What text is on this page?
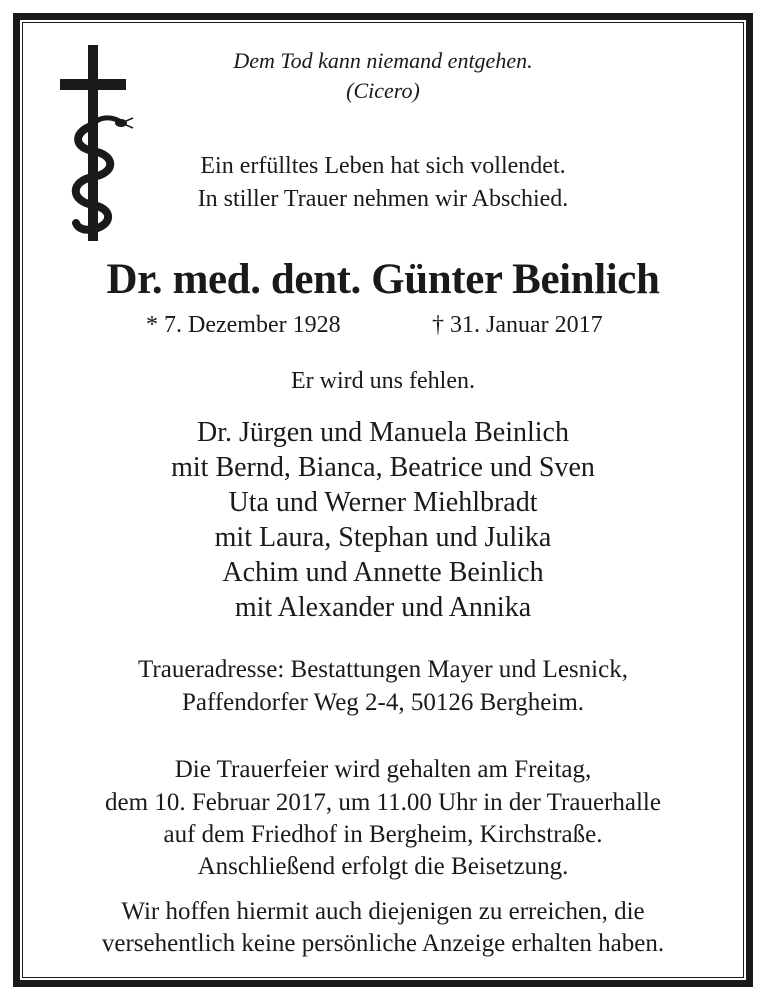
Dem Tod kann niemand entgehen.

(Cicero)

Ein erfülltes Leben hat sich vollendet.

In stiller Trauer nehmen wir Abschied.

Dr. med. dent. Günter Beinlich

* 7. Dezember 1928	† 31. Januar 2017

Er wird uns fehlen.

Dr. Jürgen und Manuela Beinlich

mit Bernd, Bianca, Beatrice und Sven

Uta und Werner Miehlbradt

mit Laura, Stephan und Julika

Achim und Annette Beinlich

mit Alexander und Annika

Traueradresse: Bestattungen Mayer und Lesnick,

Paffendorfer Weg 2-4, 50126 Bergheim.

Die Trauerfeier wird gehalten am Freitag,

dem 10. Februar 2017, um 11.00 Uhr in der Trauerhalle

auf dem Friedhof in Bergheim, Kirchstraße.

Anschließend erfolgt die Beisetzung.

Wir hoffen hiermit auch diejenigen zu erreichen, die

versehentlich keine persönliche Anzeige erhalten haben.
